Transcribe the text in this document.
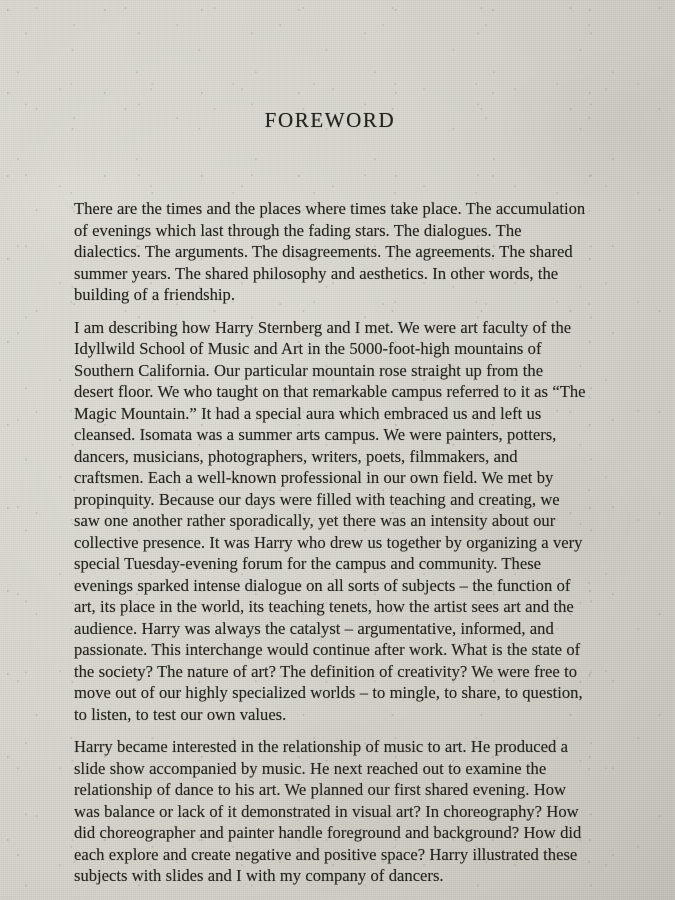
FOREWORD

There are the times and the places where times take place. The accumulation of evenings which last through the fading stars. The dialogues. The dialectics. The arguments. The disagreements. The agreements. The shared summer years. The shared philosophy and aesthetics. In other words, the building of a friendship.

I am describing how Harry Sternberg and I met. We were art faculty of the Idyllwild School of Music and Art in the 5000-foot-high mountains of Southern California. Our particular mountain rose straight up from the desert floor. We who taught on that remarkable campus referred to it as “The Magic Mountain.” It had a special aura which embraced us and left us cleansed. Isomata was a summer arts campus. We were painters, potters, dancers, musicians, photographers, writers, poets, filmmakers, and craftsmen. Each a well-known professional in our own field. We met by propinquity. Because our days were filled with teaching and creating, we saw one another rather sporadically, yet there was an intensity about our collective presence. It was Harry who drew us together by organizing a very special Tuesday-evening forum for the campus and community. These evenings sparked intense dialogue on all sorts of subjects – the function of art, its place in the world, its teaching tenets, how the artist sees art and the audience. Harry was always the catalyst – argumentative, informed, and passionate. This interchange would continue after work. What is the state of the society? The nature of art? The definition of creativity? We were free to move out of our highly specialized worlds – to mingle, to share, to question, to listen, to test our own values.

Harry became interested in the relationship of music to art. He produced a slide show accompanied by music. He next reached out to examine the relationship of dance to his art. We planned our first shared evening. How was balance or lack of it demonstrated in visual art? In choreography? How did choreographer and painter handle foreground and background? How did each explore and create negative and positive space? Harry illustrated these subjects with slides and I with my company of dancers.
